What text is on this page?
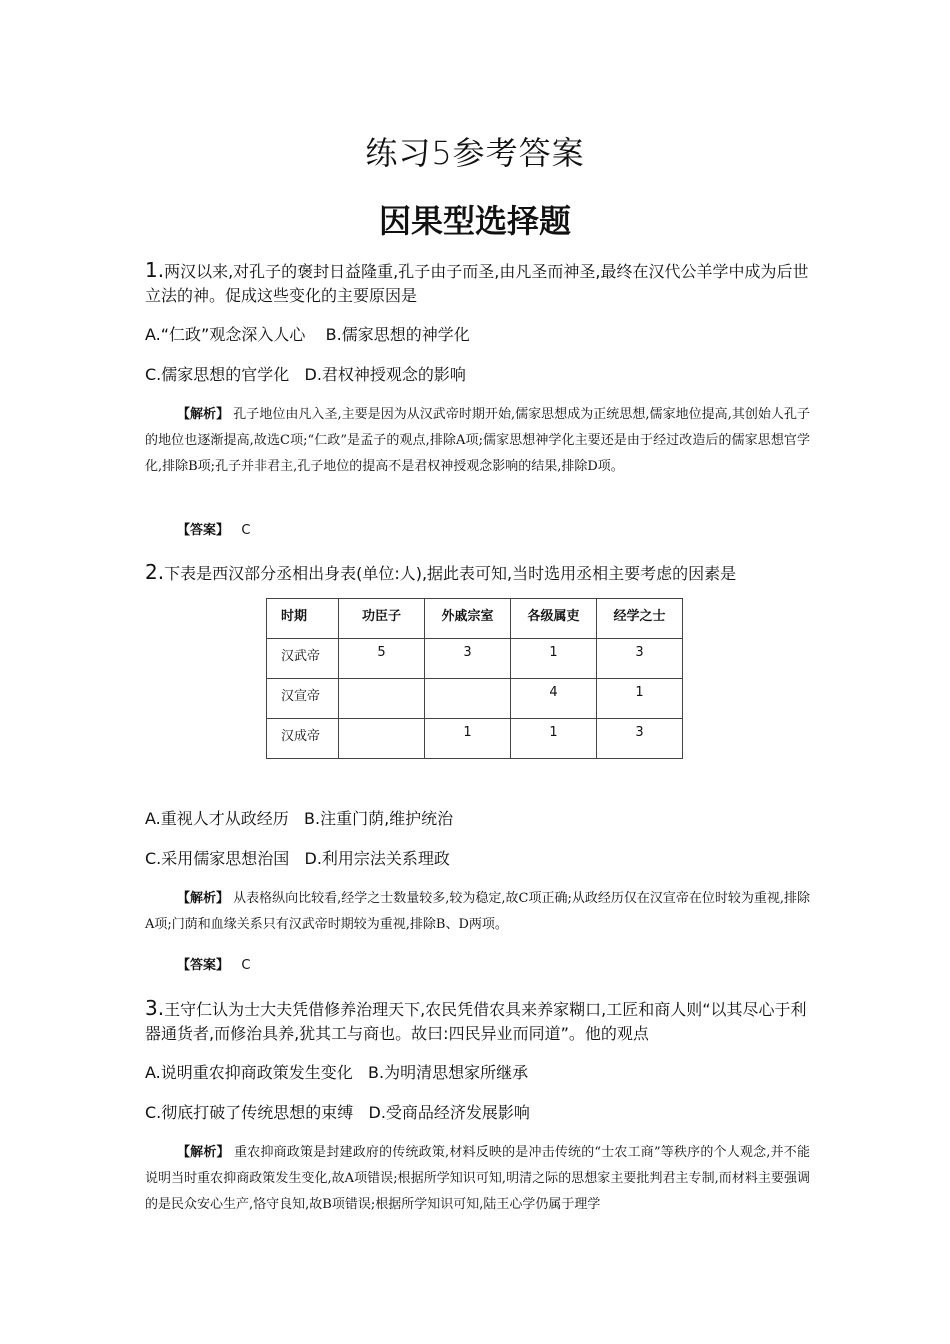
练习5参考答案
因果型选择题
1.两汉以来,对孔子的褒封日益隆重,孔子由子而圣,由凡圣而神圣,最终在汉代公羊学中成为后世立法的神。促成这些变化的主要原因是
A.“仁政”观念深入人心    B.儒家思想的神学化
C.儒家思想的官学化   D.君权神授观念的影响
【解析】 孔子地位由凡入圣,主要是因为从汉武帝时期开始,儒家思想成为正统思想,儒家地位提高,其创始人孔子的地位也逐渐提高,故选C项;“仁政”是孟子的观点,排除A项;儒家思想神学化主要还是由于经过改造后的儒家思想官学化,排除B项;孔子并非君主,孔子地位的提高不是君权神授观念影响的结果,排除D项。
【答案】 C
2.下表是西汉部分丞相出身表(单位:人),据此表可知,当时选用丞相主要考虑的因素是
时期	功臣子	外戚宗室	各级属吏	经学之士
汉武帝	5	3	1	3
汉宣帝			4	1
汉成帝		1	1	3
A.重视人才从政经历   B.注重门荫,维护统治
C.采用儒家思想治国   D.利用宗法关系理政
【解析】 从表格纵向比较看,经学之士数量较多,较为稳定,故C项正确;从政经历仅在汉宣帝在位时较为重视,排除A项;门荫和血缘关系只有汉武帝时期较为重视,排除B、D两项。
【答案】 C
3.王守仁认为士大夫凭借修养治理天下,农民凭借农具来养家糊口,工匠和商人则“以其尽心于利器通货者,而修治具养,犹其工与商也。故曰:四民异业而同道”。他的观点
A.说明重农抑商政策发生变化   B.为明清思想家所继承
C.彻底打破了传统思想的束缚   D.受商品经济发展影响
【解析】 重农抑商政策是封建政府的传统政策,材料反映的是冲击传统的“士农工商”等秩序的个人观念,并不能说明当时重农抑商政策发生变化,故A项错误;根据所学知识可知,明清之际的思想家主要批判君主专制,而材料主要强调的是民众安心生产,恪守良知,故B项错误;根据所学知识可知,陆王心学仍属于理学
